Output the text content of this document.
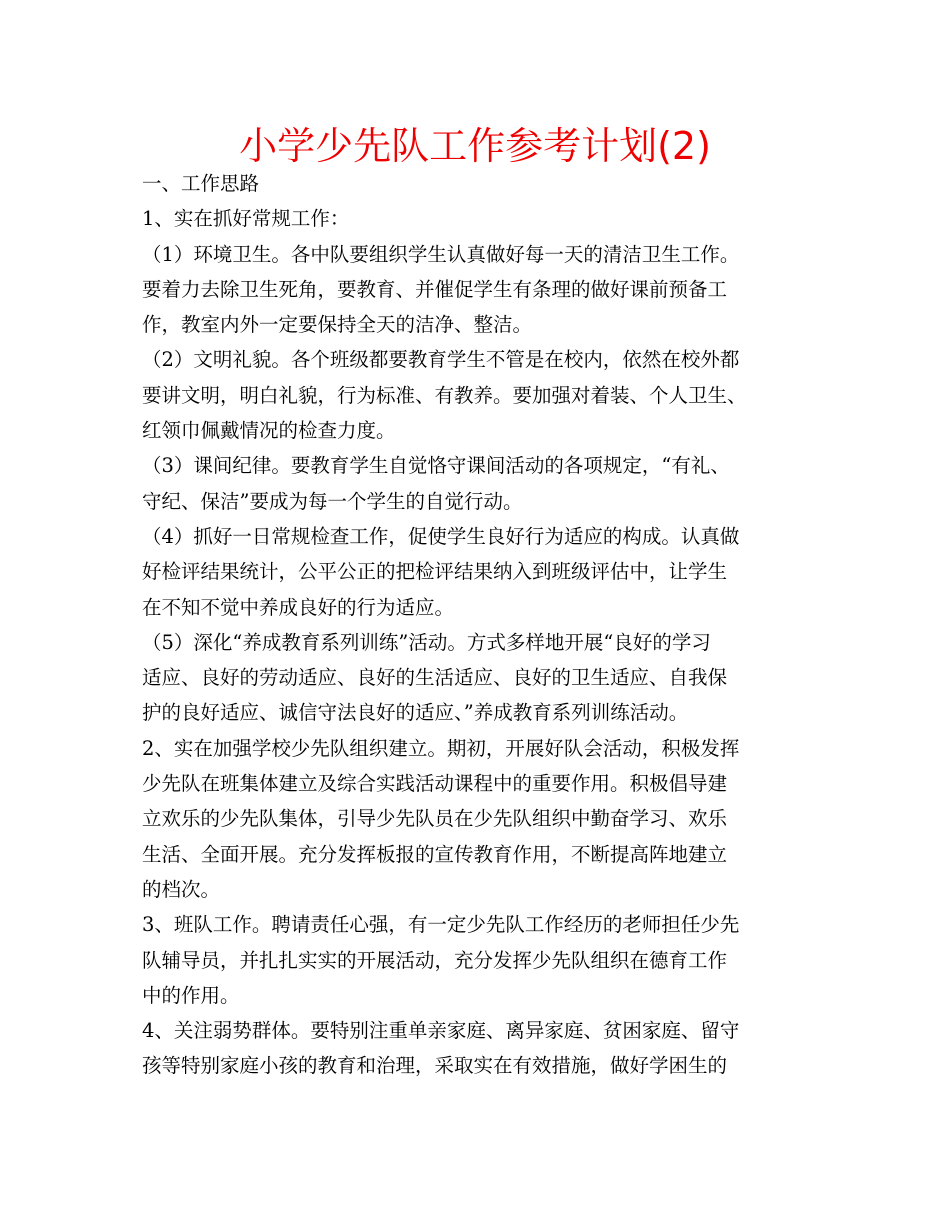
小学少先队工作参考计划(2)
一、工作思路
1、实在抓好常规工作：
（1）环境卫生。各中队要组织学生认真做好每一天的清洁卫生工作。
要着力去除卫生死角，要教育、并催促学生有条理的做好课前预备工
作，教室内外一定要保持全天的洁净、整洁。
（2）文明礼貌。各个班级都要教育学生不管是在校内，依然在校外都
要讲文明，明白礼貌，行为标准、有教养。要加强对着装、个人卫生、
红领巾佩戴情况的检查力度。
（3）课间纪律。要教育学生自觉恪守课间活动的各项规定，“有礼、
守纪、保洁”要成为每一个学生的自觉行动。
（4）抓好一日常规检查工作，促使学生良好行为适应的构成。认真做
好检评结果统计，公平公正的把检评结果纳入到班级评估中，让学生
在不知不觉中养成良好的行为适应。
（5）深化“养成教育系列训练”活动。方式多样地开展“良好的学习
适应、良好的劳动适应、良好的生活适应、良好的卫生适应、自我保
护的良好适应、诚信守法良好的适应、”养成教育系列训练活动。
2、实在加强学校少先队组织建立。期初，开展好队会活动，积极发挥
少先队在班集体建立及综合实践活动课程中的重要作用。积极倡导建
立欢乐的少先队集体，引导少先队员在少先队组织中勤奋学习、欢乐
生活、全面开展。充分发挥板报的宣传教育作用，不断提高阵地建立
的档次。
3、班队工作。聘请责任心强，有一定少先队工作经历的老师担任少先
队辅导员，并扎扎实实的开展活动，充分发挥少先队组织在德育工作
中的作用。
4、关注弱势群体。要特别注重单亲家庭、离异家庭、贫困家庭、留守
孩等特别家庭小孩的教育和治理，采取实在有效措施，做好学困生的
